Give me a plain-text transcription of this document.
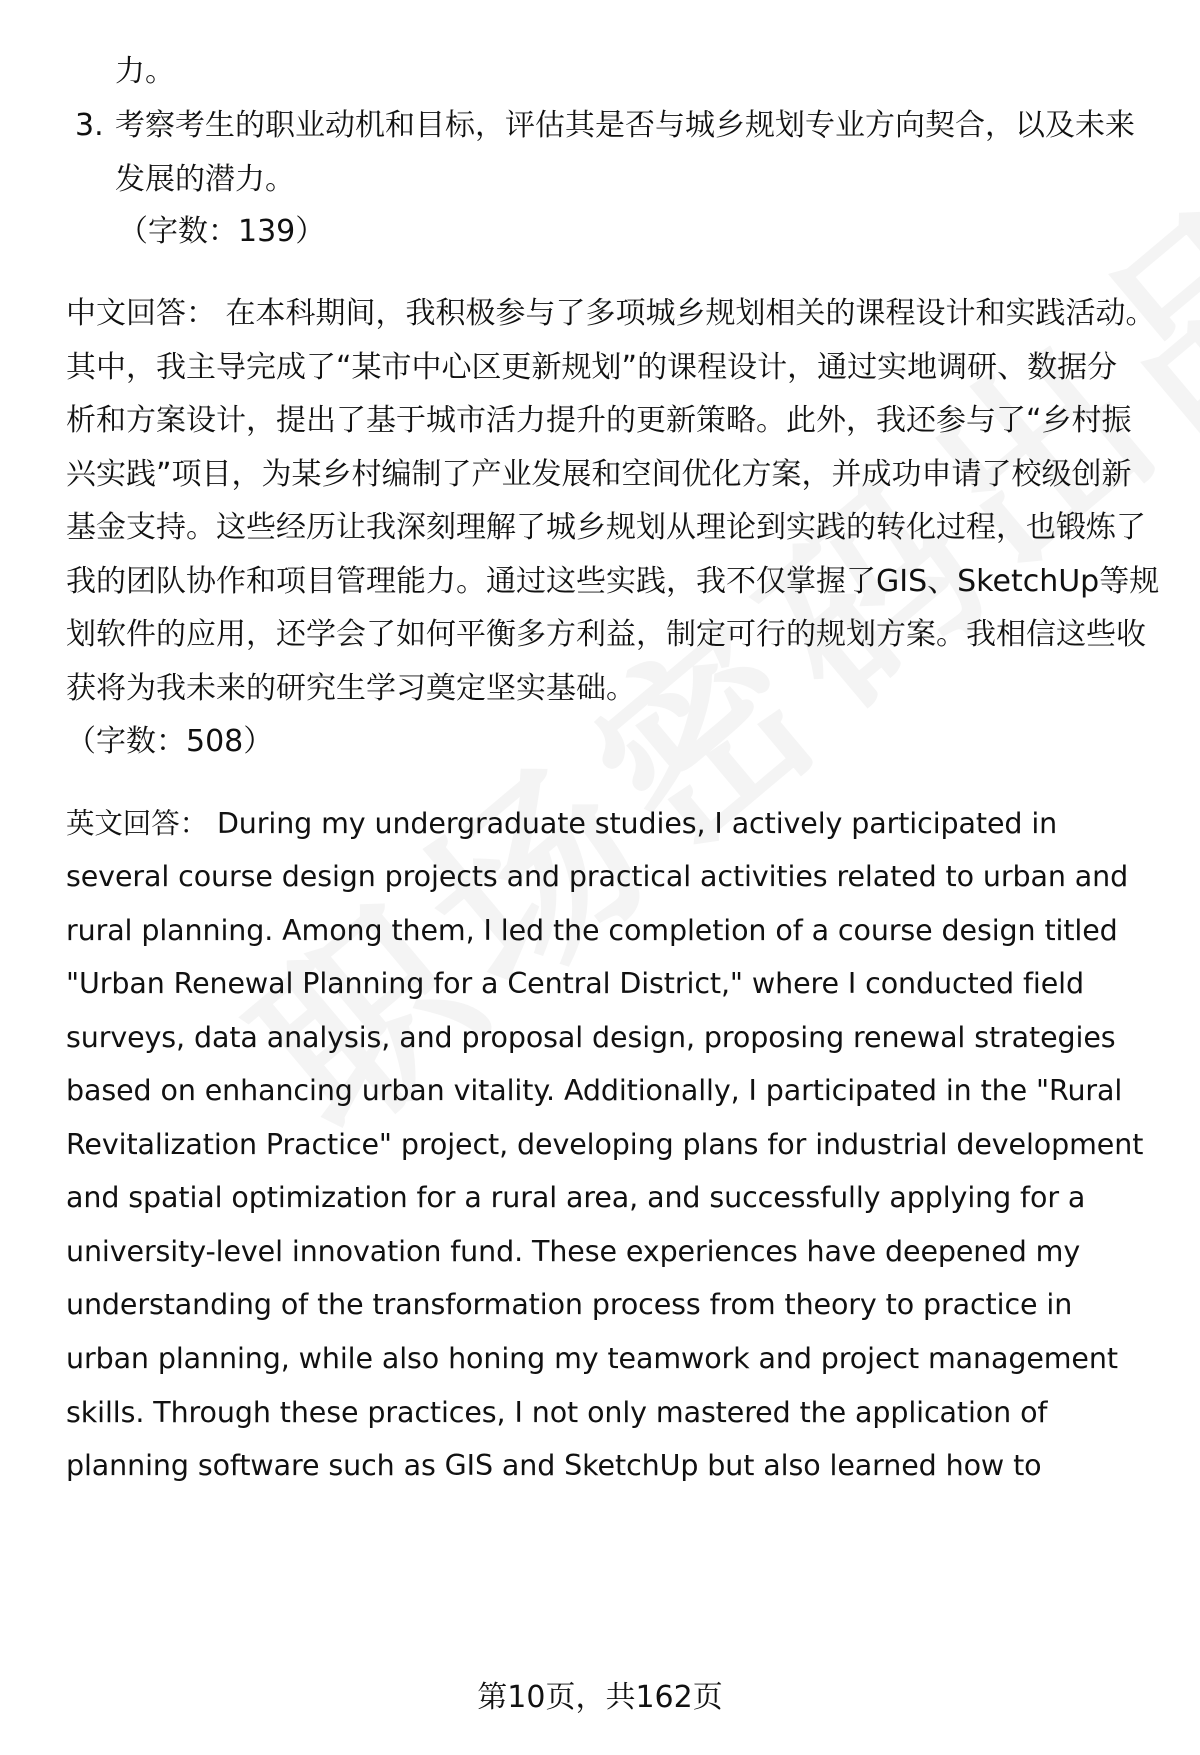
力。
3. 考察考生的职业动机和目标，评估其是否与城乡规划专业方向契合，以及未来
发展的潜力。
（字数：139）
中文回答： 在本科期间，我积极参与了多项城乡规划相关的课程设计和实践活动。
其中，我主导完成了“某市中心区更新规划”的课程设计，通过实地调研、数据分
析和方案设计，提出了基于城市活力提升的更新策略。此外，我还参与了“乡村振
兴实践”项目，为某乡村编制了产业发展和空间优化方案，并成功申请了校级创新
基金支持。这些经历让我深刻理解了城乡规划从理论到实践的转化过程，也锻炼了
我的团队协作和项目管理能力。通过这些实践，我不仅掌握了GIS、SketchUp等规
划软件的应用，还学会了如何平衡多方利益，制定可行的规划方案。我相信这些收
获将为我未来的研究生学习奠定坚实基础。
（字数：508）
英文回答： During my undergraduate studies, I actively participated in
several course design projects and practical activities related to urban and
rural planning. Among them, I led the completion of a course design titled
"Urban Renewal Planning for a Central District," where I conducted field
surveys, data analysis, and proposal design, proposing renewal strategies
based on enhancing urban vitality. Additionally, I participated in the "Rural
Revitalization Practice" project, developing plans for industrial development
and spatial optimization for a rural area, and successfully applying for a
university-level innovation fund. These experiences have deepened my
understanding of the transformation process from theory to practice in
urban planning, while also honing my teamwork and project management
skills. Through these practices, I not only mastered the application of
planning software such as GIS and SketchUp but also learned how to
第10页，共162页
